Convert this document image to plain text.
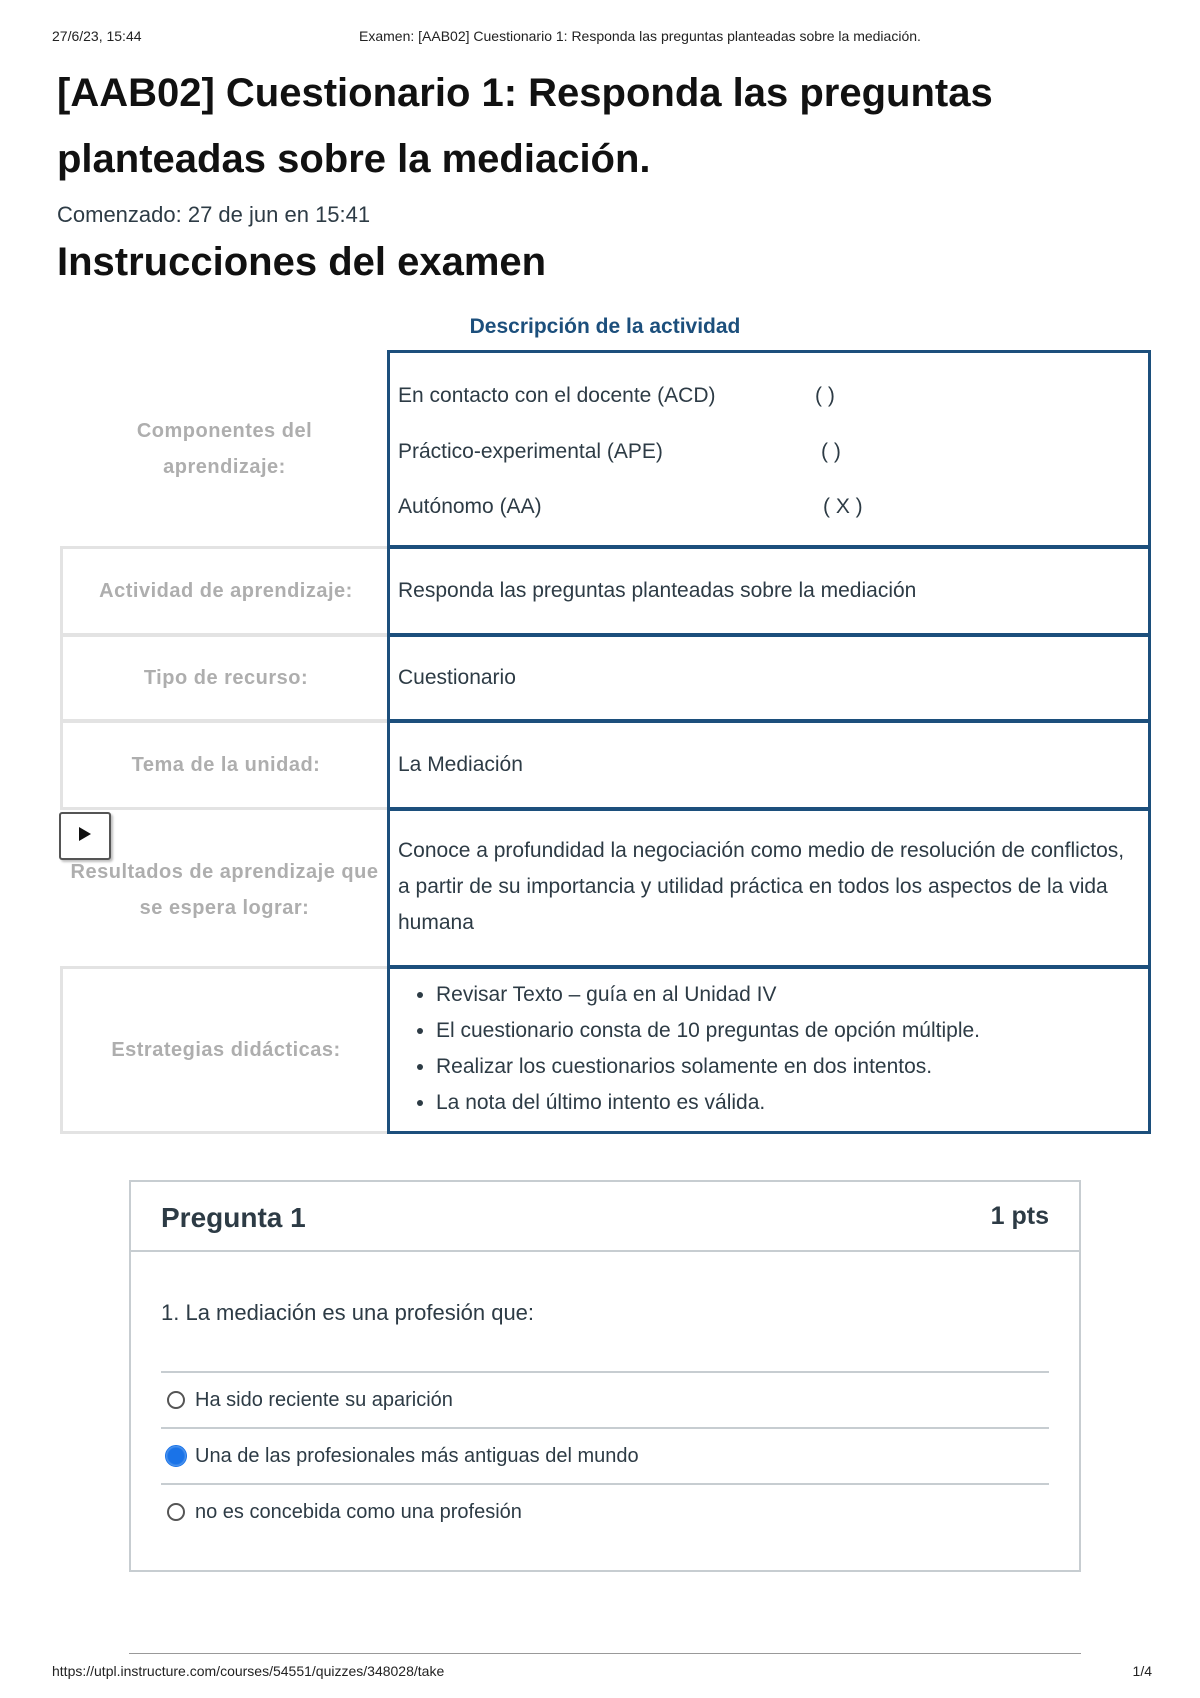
27/6/23, 15:44	Examen: [AAB02] Cuestionario 1: Responda las preguntas planteadas sobre la mediación.
[AAB02] Cuestionario 1: Responda las preguntas planteadas sobre la mediación.
Comenzado: 27 de jun en 15:41
Instrucciones del examen
Descripción de la actividad
Componentes del aprendizaje:
En contacto con el docente (ACD)	( )
Práctico-experimental (APE)	( )
Autónomo (AA)	( X )
Actividad de aprendizaje: Responda las preguntas planteadas sobre la mediación
Tipo de recurso:	Cuestionario
Tema de la unidad:	La Mediación
Resultados de aprendizaje que se espera lograr:
Conoce a profundidad la negociación como medio de resolución de conflictos, a partir de su importancia y utilidad práctica en todos los aspectos de la vida humana
Estrategias didácticas:
• Revisar Texto – guía en al Unidad IV
• El cuestionario consta de 10 preguntas de opción múltiple.
• Realizar los cuestionarios solamente en dos intentos.
• La nota del último intento es válida.
Pregunta 1	1 pts
1. La mediación es una profesión que:
Ha sido reciente su aparición
Una de las profesionales más antiguas del mundo
no es concebida como una profesión
https://utpl.instructure.com/courses/54551/quizzes/348028/take	1/4
